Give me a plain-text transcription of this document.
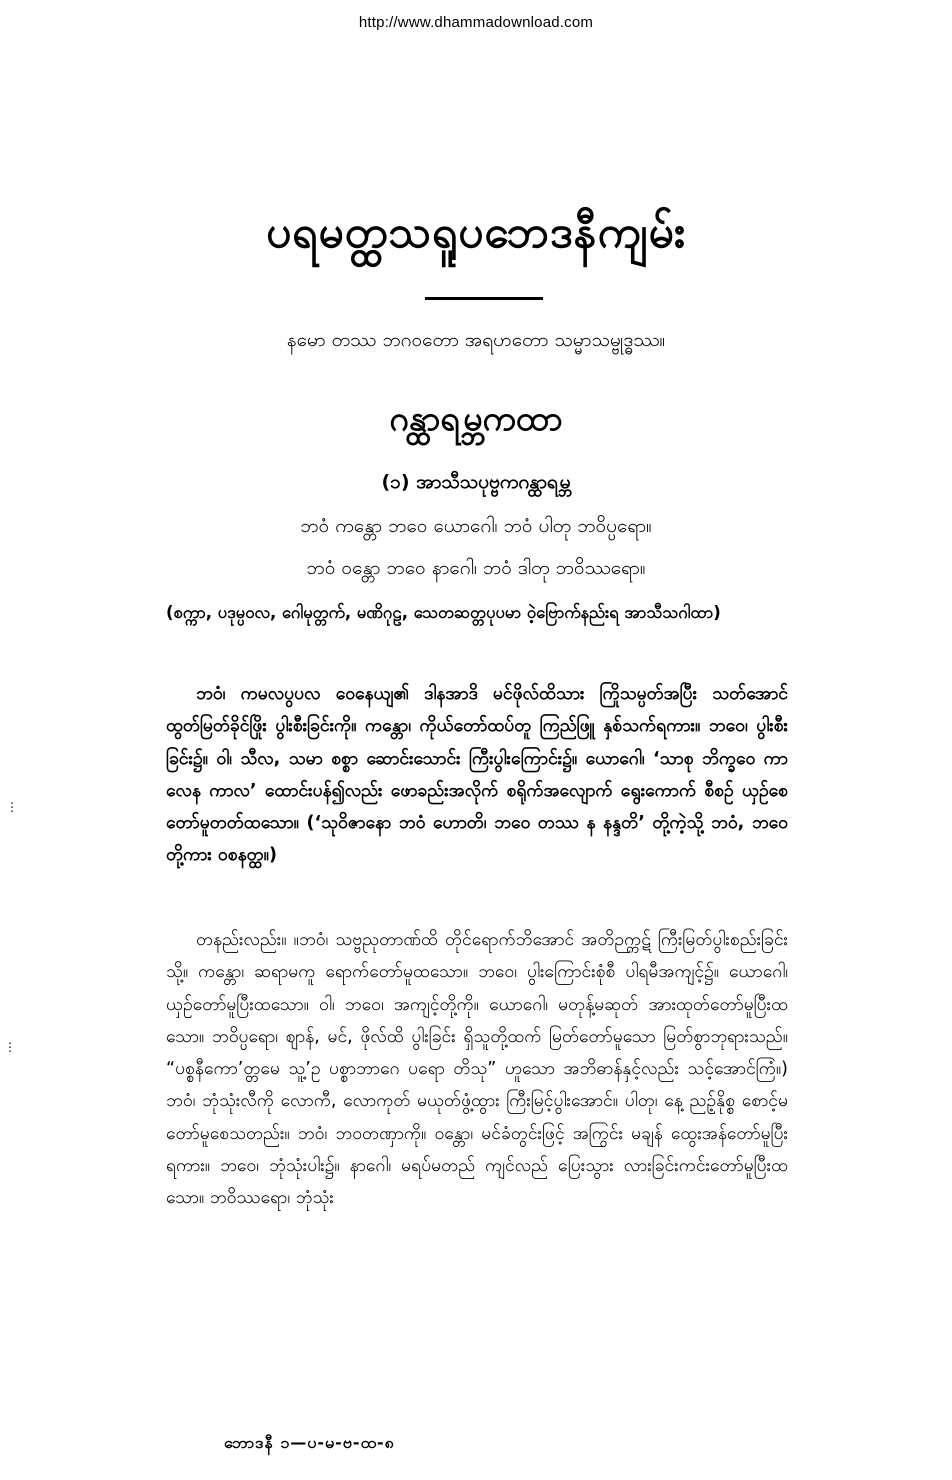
http://www.dhammadownload.com
ပရမတ္ထသရူပဘေဒနီကျမ်း
နမော တဿ ဘဂဝတော အရဟတော သမ္မာသမ္ဗုဒ္ဓဿ။
ဂန္ထာရမ္ဘကထာ
(၁) အာသီသပုဗ္ဗကဂန္ထာရမ္ဘ
ဘဝံ ကန္တော ဘဝေ ယောဂေါ၊ ဘဝံ ပါတု ဘဝိပ္ပရော။
ဘဝံ ဝန္တော ဘဝေ နာဂေါ၊ ဘဝံ ဒါတု ဘဝိဿရော။
(စက္ကာ, ပဒုမ္ပဝလ, ဂေါမုတ္တက်, မဏိဂုဠ, သေတဆတ္တပုပမာ ဝဲ့ဗြောက်နည်းရ အာသီသဂါထာ)
ဘဝံ၊ ကမလပွပလ ဝေနေယျ၏ ဒါနအာဒိ မင်ဖိုလ်ထိသား ကြိုသမ္ပတ်အပြီး သတ်အောင် ထွတ်မြတ်ခိုင်ဖြိုး ပွါးစီးခြင်းကို။ ကန္တော၊ ကိုယ်တော်ထပ်တူ ကြည်ဖြူ နှစ်သက်ရကား။ ဘဝေ၊ ပွါးစီးခြင်း၌။ ဝါ၊ သီလ, သမာ စစ္စာ ဆောင်းသောင်း ကြီးပွါးကြောင်း၌။ ယောဂေါ၊ ‘သာစု ဘိက္ခဝေ ကာလေန ကာလ’ ထောင်းပန်၍လည်း ဖောခည်းအလိုက် စရိုက်အလျောက် ရွေးကောက် စီစဉ် ယှဉ်စေတော်မူတတ်ထသော။ (‘သုဝိဇာနော ဘဝံ ဟောတိ၊ ဘဝေ တဿ န နန္ဒတိ’ တို့ကဲ့သို့ ဘဝံ, ဘဝေတို့ကား ဝစနတ္ထ။)
တနည်းလည်း။ ။ဘဝံ၊ သဗ္ဗညုတာဏ်ထိ တိုင်ရောက်ဘိအောင် အတိဉက္ကဋ် ကြီးမြတ်ပွါးစည်းခြင်းသို့။ ကန္တော၊ ဆရာမကူ ရောက်တော်မူထသော။ ဘဝေ၊ ပွါးကြောင်းစုံစီ ပါရမီအကျင့်၌။ ယောဂေါ၊ ယှဉ်တော်မူပြီးထသော။ ဝါ၊ ဘဝေ၊ အကျင့်တို့ကို။ ယောဂေါ၊ မတုန့်မဆုတ် အားထုတ်တော်မူပြီးထသော။ ဘဝိပ္ပရော၊ ဈာန်, မင်, ဖိုလ်ထိ ပွါးခြင်း ရှိသူတို့ထက် မြတ်တော်မူသော မြတ်စွာဘုရားသည်။ “ပစ္စနီကော’တ္တမေ သူ့’ဥ ပစ္စာဘာဂေ ပရော တိသု” ဟူသော အဘိဓာန်နှင့်လည်း သင့်အောင်ကြံ။) ဘဝံ၊ ဘုံသုံးလီကို လောကီ, လောကုတ် မယုတ်ဖွံ့ထွား ကြီးမြင့်ပွါးအောင်။ ပါတု၊ နေ့ ညဉ့်နိုစ္စ စောင့်မ တော်မူစေသတည်း။ ဘဝံ၊ ဘဝတဏှာကို။ ဝန္တော၊ မင်ခံတွင်းဖြင့် အကြွင်း မချန် ထွေးအန်တော်မူပြီးရကား။ ဘဝေ၊ ဘုံသုံးပါး၌။ နာဂေါ၊ မရပ်မတည် ကျင်လည် ပြေးသွား လားခြင်းကင်းတော်မူပြီးထသော။ ဘဝိဿရော၊ ဘုံသုံး
ဘောဒနီ ၁—ပ-မ-ဗ-ထ-၈
⋮
⋮
